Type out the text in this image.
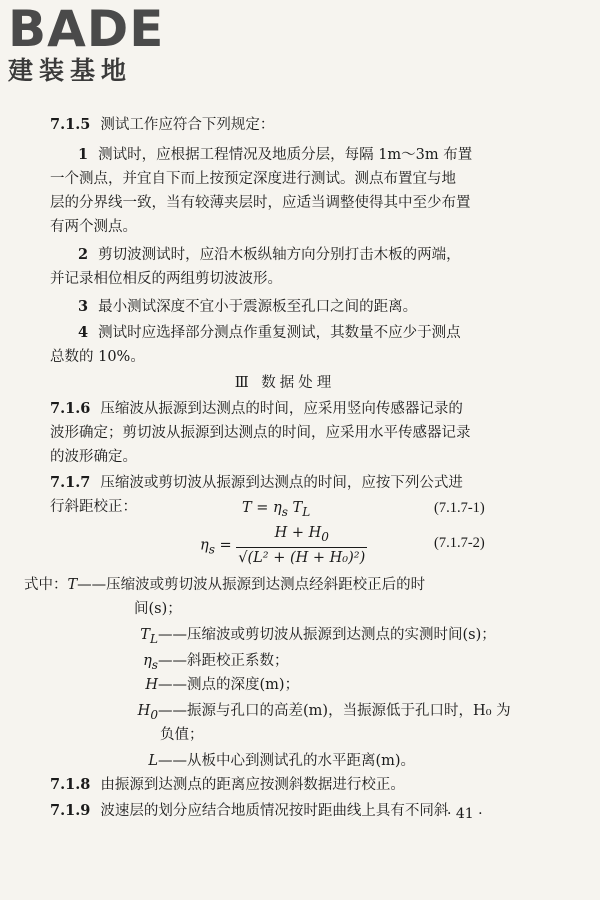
BADE
建装基地
7.1.5 测试工作应符合下列规定：
1 测试时，应根据工程情况及地质分层，每隔 1m～3m 布置
一个测点，并宜自下而上按预定深度进行测试。测点布置宜与地
层的分界线一致，当有较薄夹层时，应适当调整使得其中至少布置
有两个测点。
2 剪切波测试时，应沿木板纵轴方向分别打击木板的两端，
并记录相位相反的两组剪切波波形。
3 最小测试深度不宜小于震源板至孔口之间的距离。
4 测试时应选择部分测点作重复测试，其数量不应少于测点
总数的 10%。
Ⅲ 数据处理
7.1.6 压缩波从振源到达测点的时间，应采用竖向传感器记录的
波形确定；剪切波从振源到达测点的时间，应采用水平传感器记录
的波形确定。
7.1.7 压缩波或剪切波从振源到达测点的时间，应按下列公式进
行斜距校正：	$T = \eta_s$ $T_L$	(7.1.7-1)
$\eta_s = \frac{H + H_0}{\text{√(L² + (H + H₀)²)}}$	(7.1.7-2)
式中：T——压缩波或剪切波从振源到达测点经斜距校正后的时
间(s)；
$T_L——$压缩波或剪切波从振源到达测点的实测时间(s)；
$\eta_s——$斜距校正系数；
H——测点的深度(m)；
$H_0——$振源与孔口的高差(m)，当振源低于孔口时，H₀ 为
负值；
L——从板中心到测试孔的水平距离(m)。
7.1.8 由振源到达测点的距离应按测斜数据进行校正。
7.1.9 波速层的划分应结合地质情况按时距曲线上具有不同斜
· 41 ·
